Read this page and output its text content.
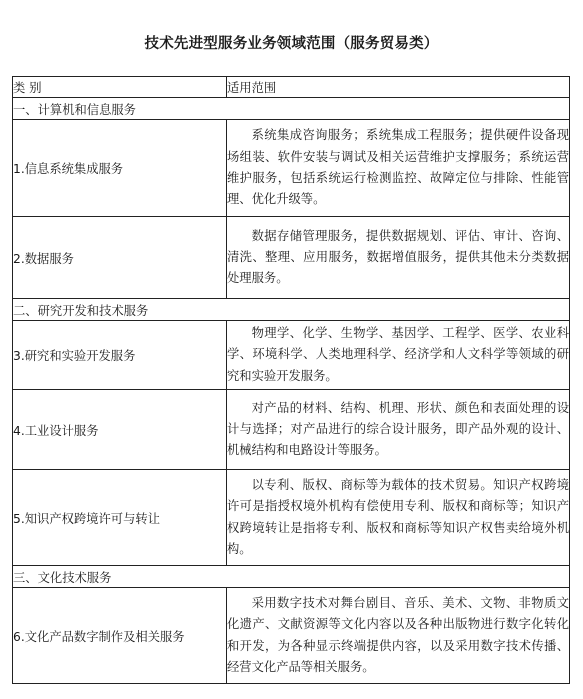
技术先进型服务业务领域范围（服务贸易类）
类 别	适用范围
一、计算机和信息服务	
1.信息系统集成服务	系统集成咨询服务；系统集成工程服务；提供硬件设备现场组装、软件安装与调试及相关运营维护支撑服务；系统运营维护服务，包括系统运行检测监控、故障定位与排除、性能管理、优化升级等。
2.数据服务	数据存储管理服务，提供数据规划、评估、审计、咨询、清洗、整理、应用服务，数据增值服务，提供其他未分类数据处理服务。
二、研究开发和技术服务	
3.研究和实验开发服务	物理学、化学、生物学、基因学、工程学、医学、农业科学、环境科学、人类地理科学、经济学和人文科学等领域的研究和实验开发服务。
4.工业设计服务	对产品的材料、结构、机理、形状、颜色和表面处理的设计与选择；对产品进行的综合设计服务，即产品外观的设计、机械结构和电路设计等服务。
5.知识产权跨境许可与转让	以专利、版权、商标等为载体的技术贸易。知识产权跨境许可是指授权境外机构有偿使用专利、版权和商标等；知识产权跨境转让是指将专利、版权和商标等知识产权售卖给境外机构。
三、文化技术服务	
6.文化产品数字制作及相关服务	采用数字技术对舞台剧目、音乐、美术、文物、非物质文化遗产、文献资源等文化内容以及各种出版物进行数字化转化和开发，为各种显示终端提供内容，以及采用数字技术传播、经营文化产品等相关服务。
